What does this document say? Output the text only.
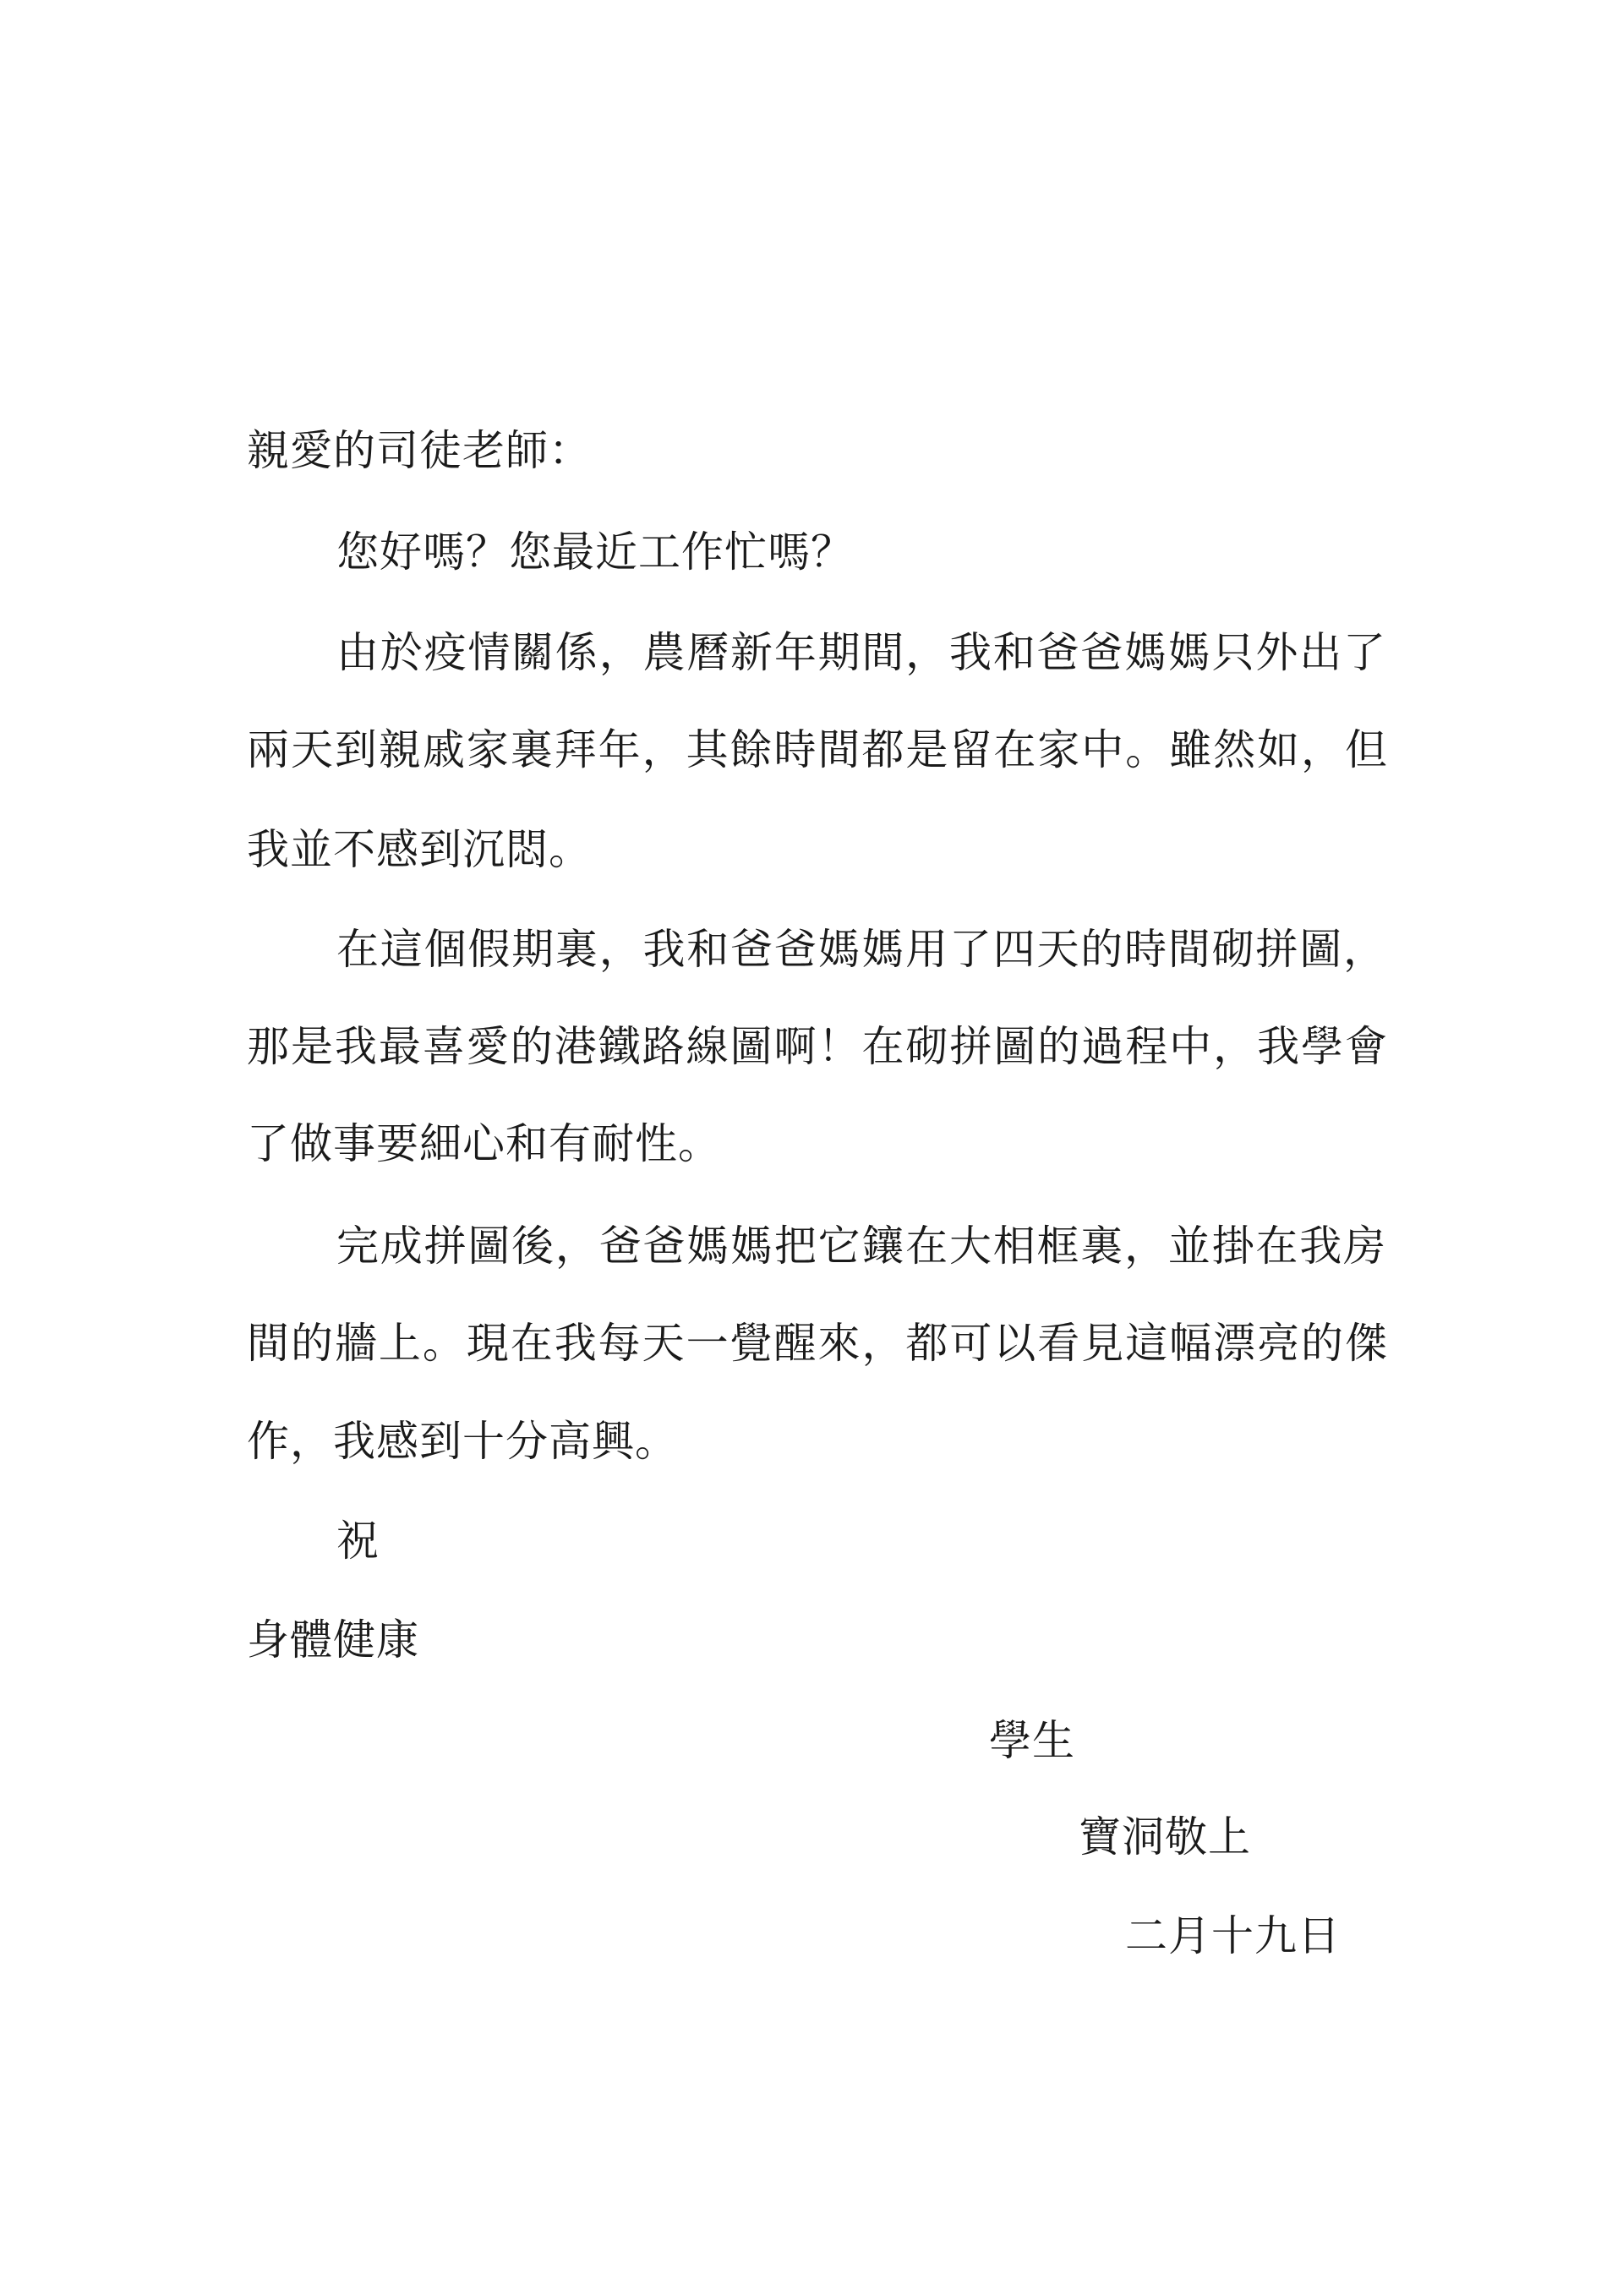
親愛的司徒老師：
您好嗎？您最近工作忙嗎？
由於疫情關係，農曆新年期間，我和爸爸媽媽只外出了
兩天到親戚家裏拜年，其餘時間都是留在家中。雖然如，但
我並不感到沉悶。
在這個假期裏，我和爸爸媽媽用了四天的時間砌拼圖，
那是我最喜愛的港鐵路線圖啊！在砌拼圖的過程中，我學會
了做事要細心和有耐性。
完成拼圖後，爸爸媽媽把它鑲在大相框裏，並掛在我房
間的牆上。現在我每天一覺醒來，都可以看見這幅漂亮的傑
作，我感到十分高興。
祝
身體健康
學生
寶洞敬上
二月十九日
